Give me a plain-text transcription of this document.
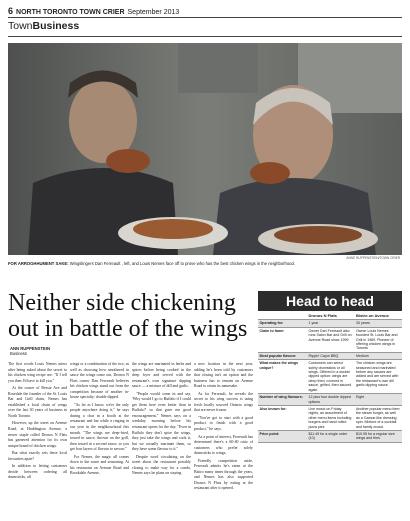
6 NORTH TORONTO TOWN CRIER September 2013
TownBusiness
ANNE RUPPENSTEIN/TOWN CRIER
FOR ARROGHHUMENT SAKE: Wingslingers Dan Ferreault , left, and Louis Nemes face off to prove who has the best chicken wings in the neighborhood.
Neither side chickening out in battle of the wings
ANN RUPPENSTEIN
Business

The first words Louis Nemes utters after being asked about the secret to his chicken wing recipe are: "If I tell you then I'd have to kill you."

At the corner of Bessie Ave and Rosedale the founder of the St. Louis Bar and Grill chain, Nemes has established a local chain of wings over the last 30 years of business in North Toronto.

However, up the street on Avenue Road, at Haddington Avenue, a newer staple called Dronos N Flats has garnered attention for its own unique brand of chicken wings.

But what exactly sets these local favourites apart?

In addition to letting customers decide between ordering all drumsticks, all

wings or a combination of the two, as well as choosing how smothered in sauce the wings come out, Dronos N Flats owner Dan Ferreault believes his chicken wings stand out from the competition because of another in-house specialty: double dipped.

"As far as I know, we're the only people anywhere doing it," he says during a chat in a booth at the restaurant and bar while a ringing in our year in the neighbourhood this month. "The wings are deep-fried, tossed in sauce, thrown on the grill, then tossed in a second sauce, so you get four layers of flavour to savour."

For Nemes, the magic all comes down to the sauce and seasoning. At his restaurant on Avenue Road and Brookdale Avenue,

the wings are marinated in herbs and spices before being cooked in the deep fryer and served with the restaurant's own signature dipping sauce — a mixture of dill and garlic.

"People would come in and say, 'Why would I go to Buffalo if I could get them here even better than in Buffalo?' so that gave me good encouragement," Nemes says on a weekday morning before his restaurant opens for the day. "Even in Buffalo they don't spice the wings, they just take the wings and cook it, but we actually marinate them, so they have some flavour to it."

Despite word circulating on the street about the restaurant possibly closing to make way for a condo, Nemes says he plans on staying

a new location in the next year, adding he's been told by customers that closing isn't an option and the business has to remain on Avenue Road to retain its namesake.

As for Ferreault, he reveals the secret to his wing success is using fresh locally sourced Ontario wings that are never frozen.

"You've got to start with a good product to finish with a good product," he says.

As a point of interest, Ferreault has determined there's a 60-40 ratio of customers who prefer solely drumsticks to wings.

Friendly competition aside, Ferreault admits he's eaten at the Bistro many times through the years, and Nemes has also supported Dronos N Flats by eating at the restaurant after it opened.

Head to head
	Dronos N Flats	Bistro on Avenue
Operating for:	1 year	30 years
Claim to fame:	Owner Dan Ferreault also runs Salon Bar and Grill on Avenue Road since 1999	Owner Louis Nemes founded St. Louis Bar and Grill in 1989. Pioneer of offering chicken wings in Toronto
Most popular flavour:	Rippin' Cajun BBQ	Medium
What makes the wings unique?	Customers can select solely drumsticks or all wings. Offered in a double dipped option: wings are deep fried, covered in sauce, grilled, then sauced again.	The chicken wings are seasoned and marinated before any sauces are added and are served with the restaurant's own dill garlic dipping sauce.
Number of wing flavours:	12 plus four double dipped options	Eight
Also known for:	Live music on Friday nights, an assortment of other menu items including burgers and hand rolled pizza pies	Another popular menu item: the steam burger, as well as a Caesar-like dressing spin. Mixture of a cocktail and family crowd.
Price point:	$11.49 for a single order (10)	$10.95 for a regular size wings and fries
